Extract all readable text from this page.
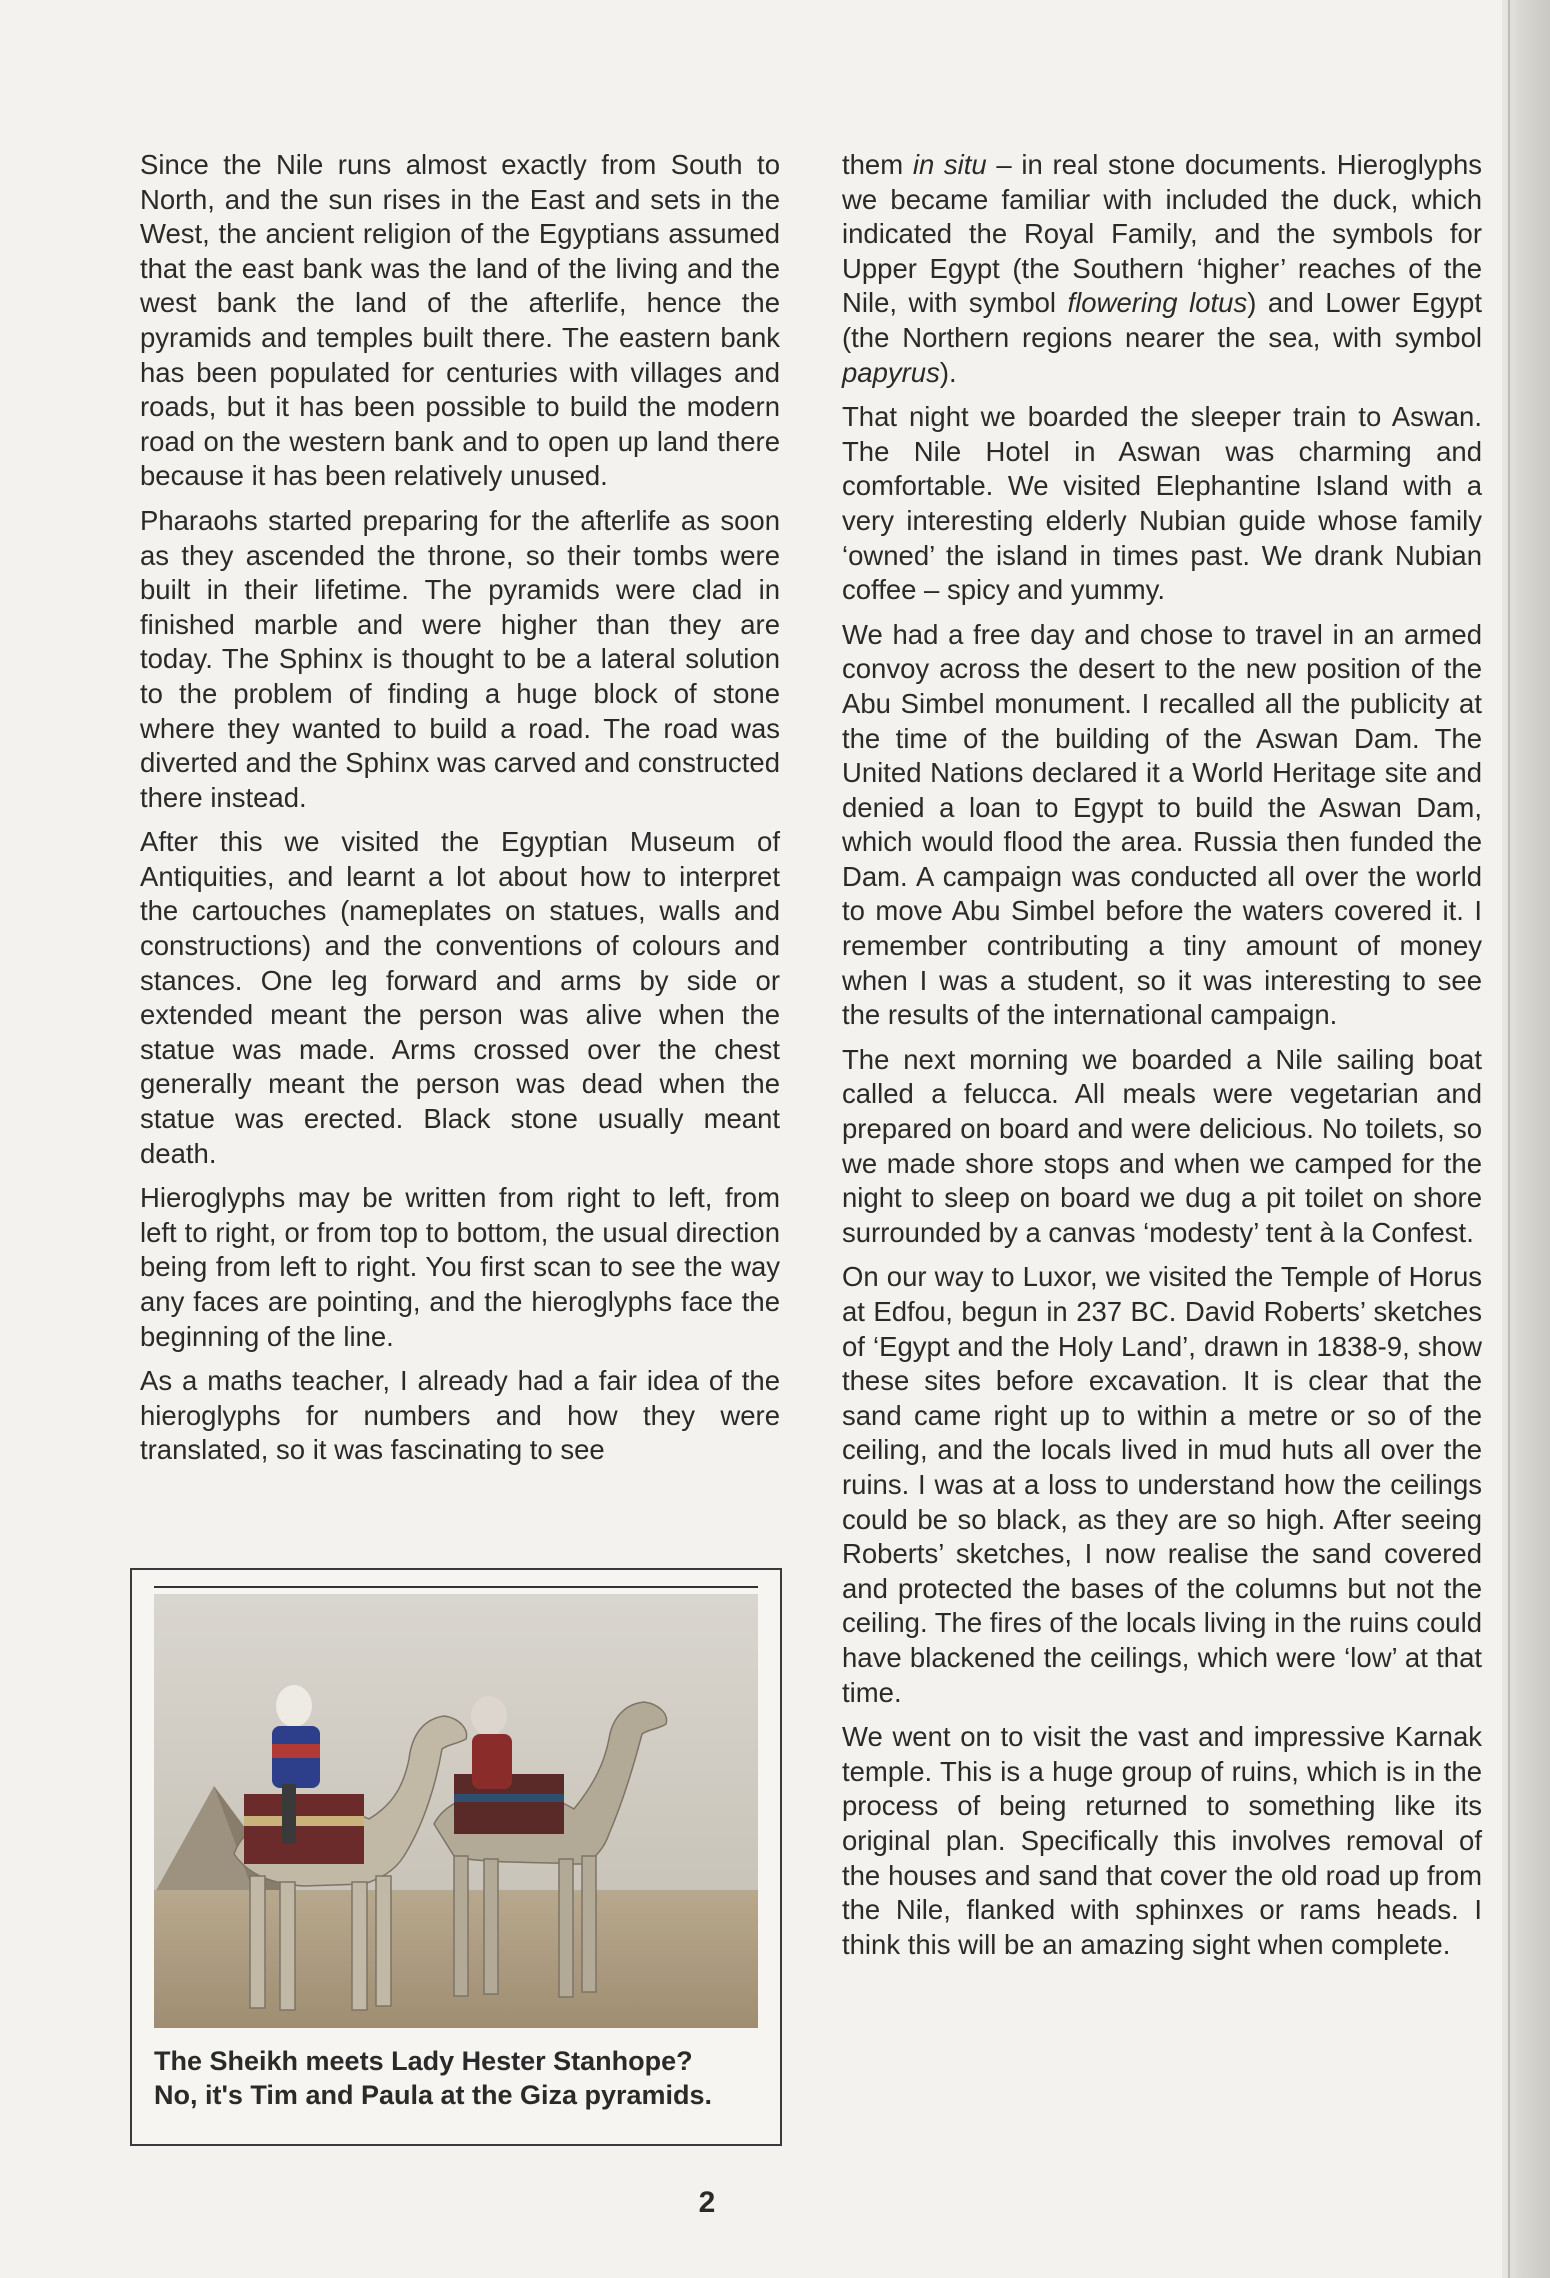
Since the Nile runs almost exactly from South to North, and the sun rises in the East and sets in the West, the ancient religion of the Egyptians assumed that the east bank was the land of the living and the west bank the land of the afterlife, hence the pyramids and temples built there. The eastern bank has been populated for centuries with villages and roads, but it has been possible to build the modern road on the western bank and to open up land there because it has been relatively unused.

Pharaohs started preparing for the afterlife as soon as they ascended the throne, so their tombs were built in their lifetime. The pyramids were clad in finished marble and were higher than they are today. The Sphinx is thought to be a lateral solution to the problem of finding a huge block of stone where they wanted to build a road. The road was diverted and the Sphinx was carved and constructed there instead.

After this we visited the Egyptian Museum of Antiquities, and learnt a lot about how to interpret the cartouches (nameplates on statues, walls and constructions) and the conventions of colours and stances. One leg forward and arms by side or extended meant the person was alive when the statue was made. Arms crossed over the chest generally meant the person was dead when the statue was erected. Black stone usually meant death.

Hieroglyphs may be written from right to left, from left to right, or from top to bottom, the usual direction being from left to right. You first scan to see the way any faces are pointing, and the hieroglyphs face the beginning of the line.

As a maths teacher, I already had a fair idea of the hieroglyphs for numbers and how they were translated, so it was fascinating to see

them in situ – in real stone documents. Hieroglyphs we became familiar with included the duck, which indicated the Royal Family, and the symbols for Upper Egypt (the Southern ‘higher’ reaches of the Nile, with symbol flowering lotus) and Lower Egypt (the Northern regions nearer the sea, with symbol papyrus).

That night we boarded the sleeper train to Aswan. The Nile Hotel in Aswan was charming and comfortable. We visited Elephantine Island with a very interesting elderly Nubian guide whose family ‘owned’ the island in times past. We drank Nubian coffee – spicy and yummy.

We had a free day and chose to travel in an armed convoy across the desert to the new position of the Abu Simbel monument. I recalled all the publicity at the time of the building of the Aswan Dam. The United Nations declared it a World Heritage site and denied a loan to Egypt to build the Aswan Dam, which would flood the area. Russia then funded the Dam. A campaign was conducted all over the world to move Abu Simbel before the waters covered it. I remember contributing a tiny amount of money when I was a student, so it was interesting to see the results of the international campaign.

The next morning we boarded a Nile sailing boat called a felucca. All meals were vegetarian and prepared on board and were delicious. No toilets, so we made shore stops and when we camped for the night to sleep on board we dug a pit toilet on shore surrounded by a canvas ‘modesty’ tent à la Confest.

On our way to Luxor, we visited the Temple of Horus at Edfou, begun in 237 BC. David Roberts’ sketches of ‘Egypt and the Holy Land’, drawn in 1838-9, show these sites before excavation. It is clear that the sand came right up to within a metre or so of the ceiling, and the locals lived in mud huts all over the ruins. I was at a loss to understand how the ceilings could be so black, as they are so high. After seeing Roberts’ sketches, I now realise the sand covered and protected the bases of the columns but not the ceiling. The fires of the locals living in the ruins could have blackened the ceilings, which were ‘low’ at that time.

We went on to visit the vast and impressive Karnak temple. This is a huge group of ruins, which is in the process of being returned to something like its original plan. Specifically this involves removal of the houses and sand that cover the old road up from the Nile, flanked with sphinxes or rams heads. I think this will be an amazing sight when complete.

The Sheikh meets Lady Hester Stanhope?
No, it's Tim and Paula at the Giza pyramids.
2
